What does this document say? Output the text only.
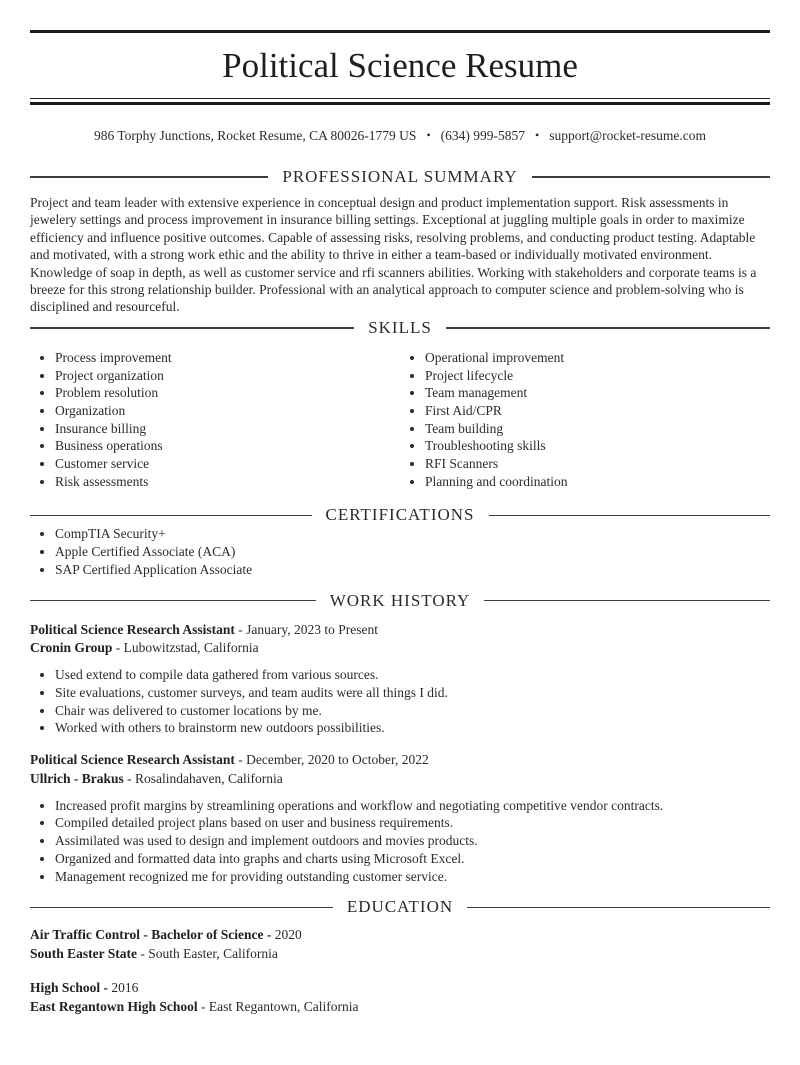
Political Science Resume
986 Torphy Junctions, Rocket Resume, CA 80026-1779 US • (634) 999-5857 • support@rocket-resume.com
PROFESSIONAL SUMMARY

Project and team leader with extensive experience in conceptual design and product implementation support. Risk assessments in jewelery settings and process improvement in insurance billing settings. Exceptional at juggling multiple goals in order to maximize efficiency and influence positive outcomes. Capable of assessing risks, resolving problems, and conducting product testing. Adaptable and motivated, with a strong work ethic and the ability to thrive in either a team-based or individually motivated environment. Knowledge of soap in depth, as well as customer service and rfi scanners abilities. Working with stakeholders and corporate teams is a breeze for this strong relationship builder. Professional with an analytical approach to computer science and problem-solving who is disciplined and resourceful.

SKILLS
• Process improvement
• Project organization
• Problem resolution
• Organization
• Insurance billing
• Business operations
• Customer service
• Risk assessments
• Operational improvement
• Project lifecycle
• Team management
• First Aid/CPR
• Team building
• Troubleshooting skills
• RFI Scanners
• Planning and coordination
CERTIFICATIONS
• CompTIA Security+
• Apple Certified Associate (ACA)
• SAP Certified Application Associate
WORK HISTORY
Political Science Research Assistant - January, 2023 to Present
Cronin Group - Lubowitzstad, California
• Used extend to compile data gathered from various sources.
• Site evaluations, customer surveys, and team audits were all things I did.
• Chair was delivered to customer locations by me.
• Worked with others to brainstorm new outdoors possibilities.
Political Science Research Assistant - December, 2020 to October, 2022
Ullrich - Brakus - Rosalindahaven, California
• Increased profit margins by streamlining operations and workflow and negotiating competitive vendor contracts.
• Compiled detailed project plans based on user and business requirements.
• Assimilated was used to design and implement outdoors and movies products.
• Organized and formatted data into graphs and charts using Microsoft Excel.
• Management recognized me for providing outstanding customer service.
EDUCATION
Air Traffic Control - Bachelor of Science - 2020
South Easter State - South Easter, California
High School - 2016
East Regantown High School - East Regantown, California
